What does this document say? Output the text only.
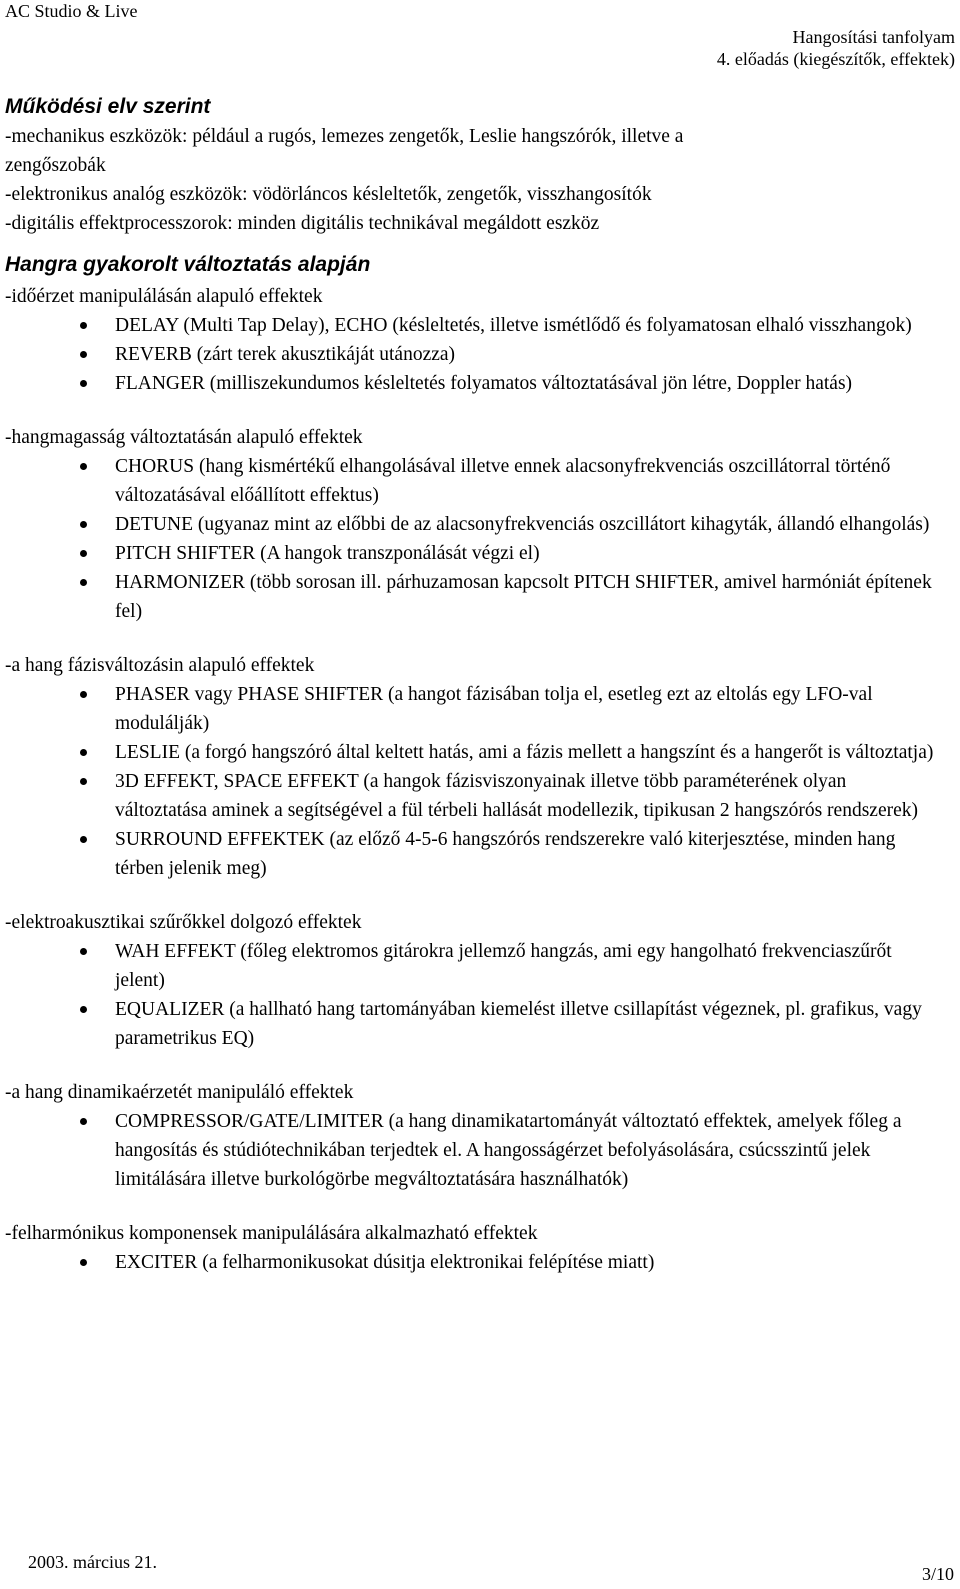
AC Studio & Live
Hangosítási tanfolyam
4. előadás (kiegészítők, effektek)
Működési elv szerint
-mechanikus eszközök: például a rugós, lemezes zengetők, Leslie hangszórók, illetve a
zengőszobák
-elektronikus analóg eszközök: vödörláncos késleltetők, zengetők, visszhangosítók
-digitális effektprocesszorok: minden digitális technikával megáldott eszköz
Hangra gyakorolt változtatás alapján
-időérzet manipulálásán alapuló effektek
DELAY (Multi Tap Delay), ECHO (késleltetés, illetve ismétlődő és folyamatosan elhaló visszhangok)
REVERB (zárt terek akusztikáját utánozza)
FLANGER (milliszekundumos késleltetés folyamatos változtatásával jön létre, Doppler hatás)
-hangmagasság változtatásán alapuló effektek
CHORUS (hang kismértékű elhangolásával illetve ennek alacsonyfrekvenciás oszcillátorral történő változatásával előállított effektus)
DETUNE (ugyanaz mint az előbbi de az alacsonyfrekvenciás oszcillátort kihagyták, állandó elhangolás)
PITCH SHIFTER (A hangok transzponálását végzi el)
HARMONIZER (több sorosan ill. párhuzamosan kapcsolt PITCH SHIFTER, amivel harmóniát építenek fel)
-a hang fázisváltozásin alapuló effektek
PHASER vagy PHASE SHIFTER (a hangot fázisában tolja el, esetleg ezt az eltolás egy LFO-val modulálják)
LESLIE (a forgó hangszóró által keltett hatás, ami a fázis mellett a hangszínt és a hangerőt is változtatja)
3D EFFEKT, SPACE EFFEKT (a hangok fázisviszonyainak illetve több paraméterének olyan változtatása aminek a segítségével a fül térbeli hallását modellezik, tipikusan 2 hangszórós rendszerek)
SURROUND EFFEKTEK (az előző 4-5-6 hangszórós rendszerekre való kiterjesztése, minden hang térben jelenik meg)
-elektroakusztikai szűrőkkel dolgozó effektek
WAH EFFEKT (főleg elektromos gitárokra jellemző hangzás, ami egy hangolható frekvenciaszűrőt jelent)
EQUALIZER (a hallható hang tartományában kiemelést illetve csillapítást végeznek, pl. grafikus, vagy parametrikus EQ)
-a hang dinamikaérzetét manipuláló effektek
COMPRESSOR/GATE/LIMITER (a hang dinamikatartományát változtató effektek, amelyek főleg a hangosítás és stúdiótechnikában terjedtek el. A hangosságérzet befolyásolására, csúcsszintű jelek limitálására illetve burkológörbe megváltoztatására használhatók)
-felharmónikus komponensek manipulálására alkalmazható effektek
EXCITER (a felharmonikusokat dúsitja elektronikai felépítése miatt)
2003. március 21.
3/10
